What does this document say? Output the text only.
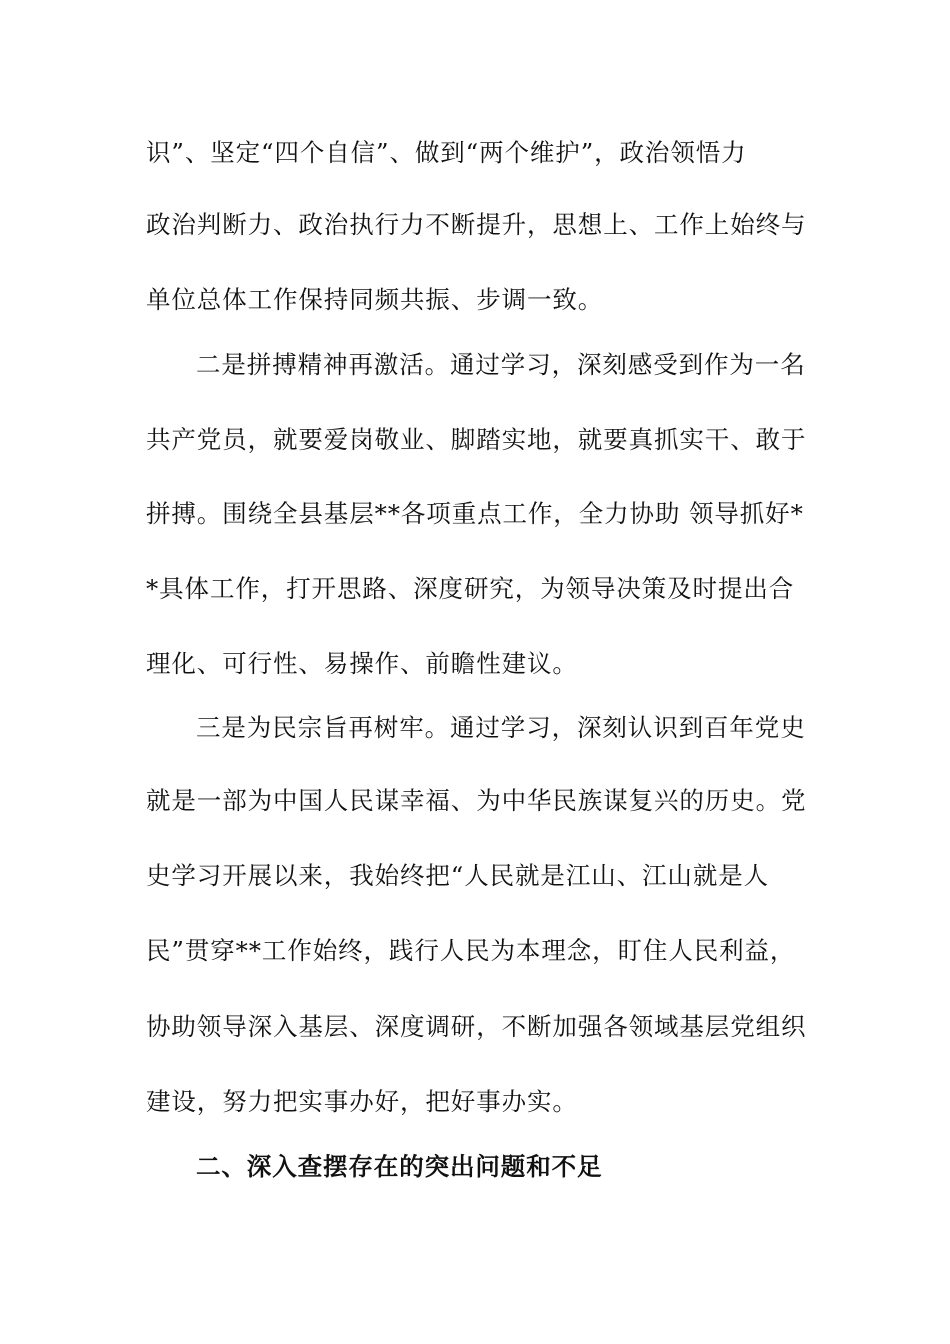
识”、坚定“四个自信”、做到“两个维护”，政治领悟力
政治判断力、政治执行力不断提升，思想上、工作上始终与
单位总体工作保持同频共振、步调一致。
二是拼搏精神再激活。通过学习，深刻感受到作为一名
共产党员，就要爱岗敬业、脚踏实地，就要真抓实干、敢于
拼搏。围绕全县基层**各项重点工作，全力协助 领导抓好*
*具体工作，打开思路、深度研究，为领导决策及时提出合
理化、可行性、易操作、前瞻性建议。
三是为民宗旨再树牢。通过学习，深刻认识到百年党史
就是一部为中国人民谋幸福、为中华民族谋复兴的历史。党
史学习开展以来，我始终把“人民就是江山、江山就是人
民”贯穿**工作始终，践行人民为本理念，盯住人民利益，
协助领导深入基层、深度调研，不断加强各领域基层党组织
建设，努力把实事办好，把好事办实。
二、深入查摆存在的突出问题和不足
